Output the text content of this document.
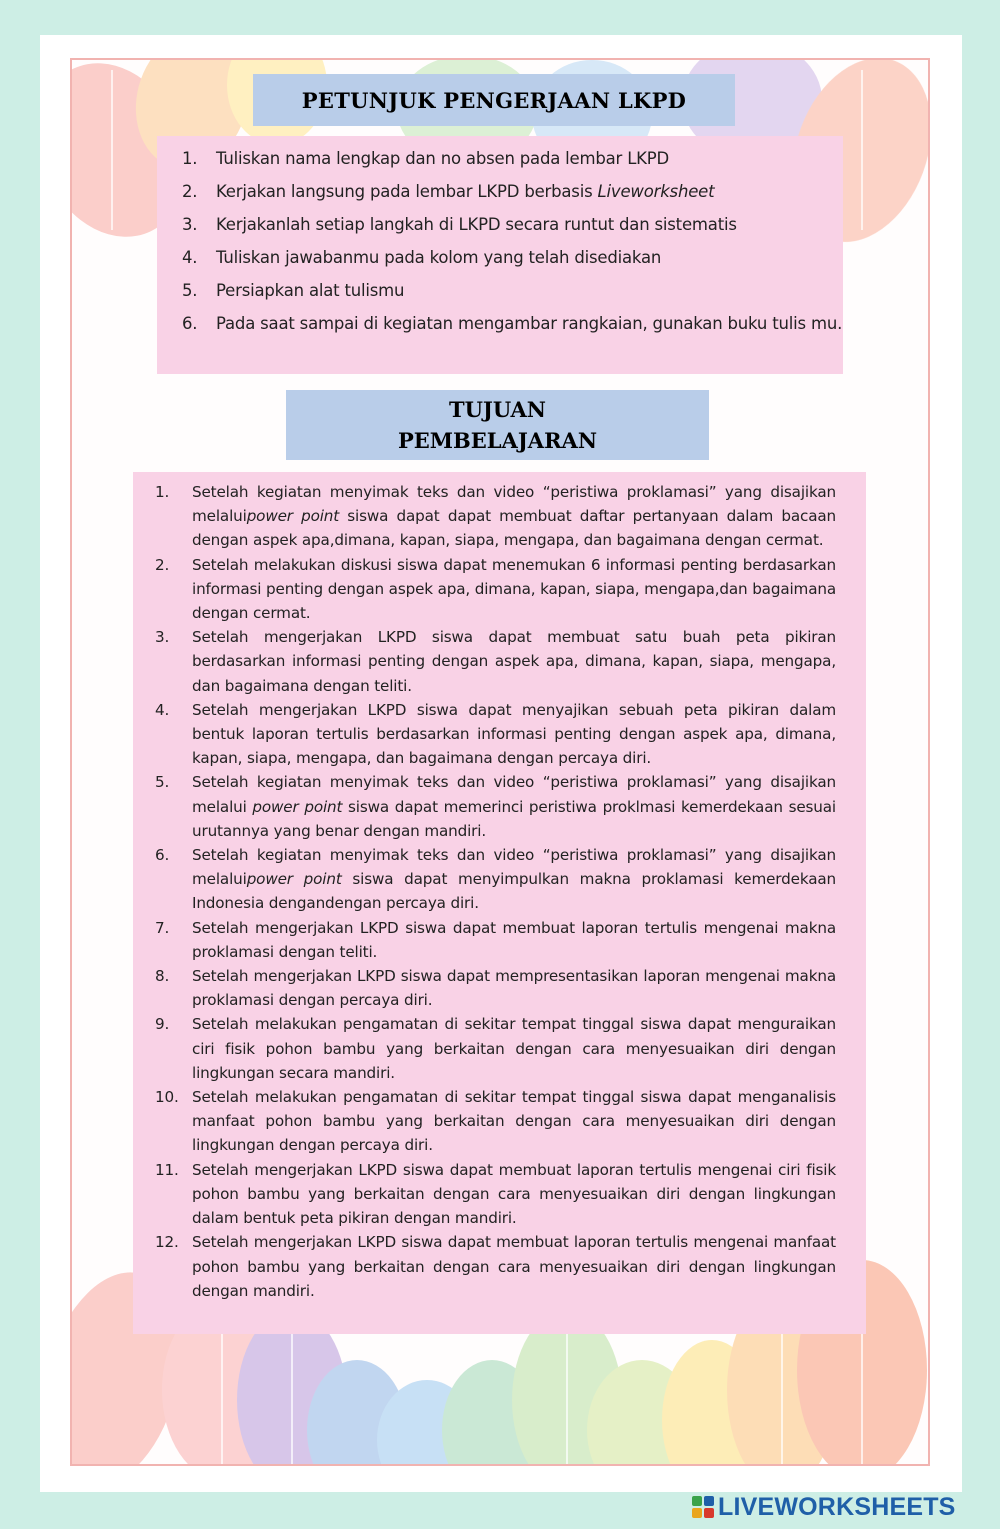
PETUNJUK PENGERJAAN LKPD
1. Tuliskan nama lengkap dan no absen pada lembar LKPD
2. Kerjakan langsung pada lembar LKPD berbasis Liveworksheet
3. Kerjakanlah setiap langkah di LKPD secara runtut dan sistematis
4. Tuliskan jawabanmu pada kolom yang telah disediakan
5. Persiapkan alat tulismu
6. Pada saat sampai di kegiatan mengambar rangkaian, gunakan buku tulis mu.
TUJUAN
PEMBELAJARAN
1. Setelah kegiatan menyimak teks dan video “peristiwa proklamasi” yang disajikan melaluipower point siswa dapat dapat membuat daftar pertanyaan dalam bacaan dengan aspek apa,dimana, kapan, siapa, mengapa, dan bagaimana dengan cermat.
2. Setelah melakukan diskusi siswa dapat menemukan 6 informasi penting berdasarkan informasi penting dengan aspek apa, dimana, kapan, siapa, mengapa,dan bagaimana dengan cermat.
3. Setelah mengerjakan LKPD siswa dapat membuat satu buah peta pikiran berdasarkan informasi penting dengan aspek apa, dimana, kapan, siapa, mengapa, dan bagaimana dengan teliti.
4. Setelah mengerjakan LKPD siswa dapat menyajikan sebuah peta pikiran dalam bentuk laporan tertulis berdasarkan informasi penting dengan aspek apa, dimana, kapan, siapa, mengapa, dan bagaimana dengan percaya diri.
5. Setelah kegiatan menyimak teks dan video “peristiwa proklamasi” yang disajikan melalui power point siswa dapat memerinci peristiwa proklmasi kemerdekaan sesuai urutannya yang benar dengan mandiri.
6. Setelah kegiatan menyimak teks dan video “peristiwa proklamasi” yang disajikan melaluipower point siswa dapat menyimpulkan makna proklamasi kemerdekaan Indonesia dengandengan percaya diri.
7. Setelah mengerjakan LKPD siswa dapat membuat laporan tertulis mengenai makna proklamasi dengan teliti.
8. Setelah mengerjakan LKPD siswa dapat mempresentasikan laporan mengenai makna proklamasi dengan percaya diri.
9. Setelah melakukan pengamatan di sekitar tempat tinggal siswa dapat menguraikan ciri fisik pohon bambu yang berkaitan dengan cara menyesuaikan diri dengan lingkungan secara mandiri.
10. Setelah melakukan pengamatan di sekitar tempat tinggal siswa dapat menganalisis manfaat pohon bambu yang berkaitan dengan cara menyesuaikan diri dengan lingkungan dengan percaya diri.
11. Setelah mengerjakan LKPD siswa dapat membuat laporan tertulis mengenai ciri fisik pohon bambu yang berkaitan dengan cara menyesuaikan diri dengan lingkungan dalam bentuk peta pikiran dengan mandiri.
12. Setelah mengerjakan LKPD siswa dapat membuat laporan tertulis mengenai manfaat pohon bambu yang berkaitan dengan cara menyesuaikan diri dengan lingkungan dengan mandiri.
LIVEWORKSHEETS
